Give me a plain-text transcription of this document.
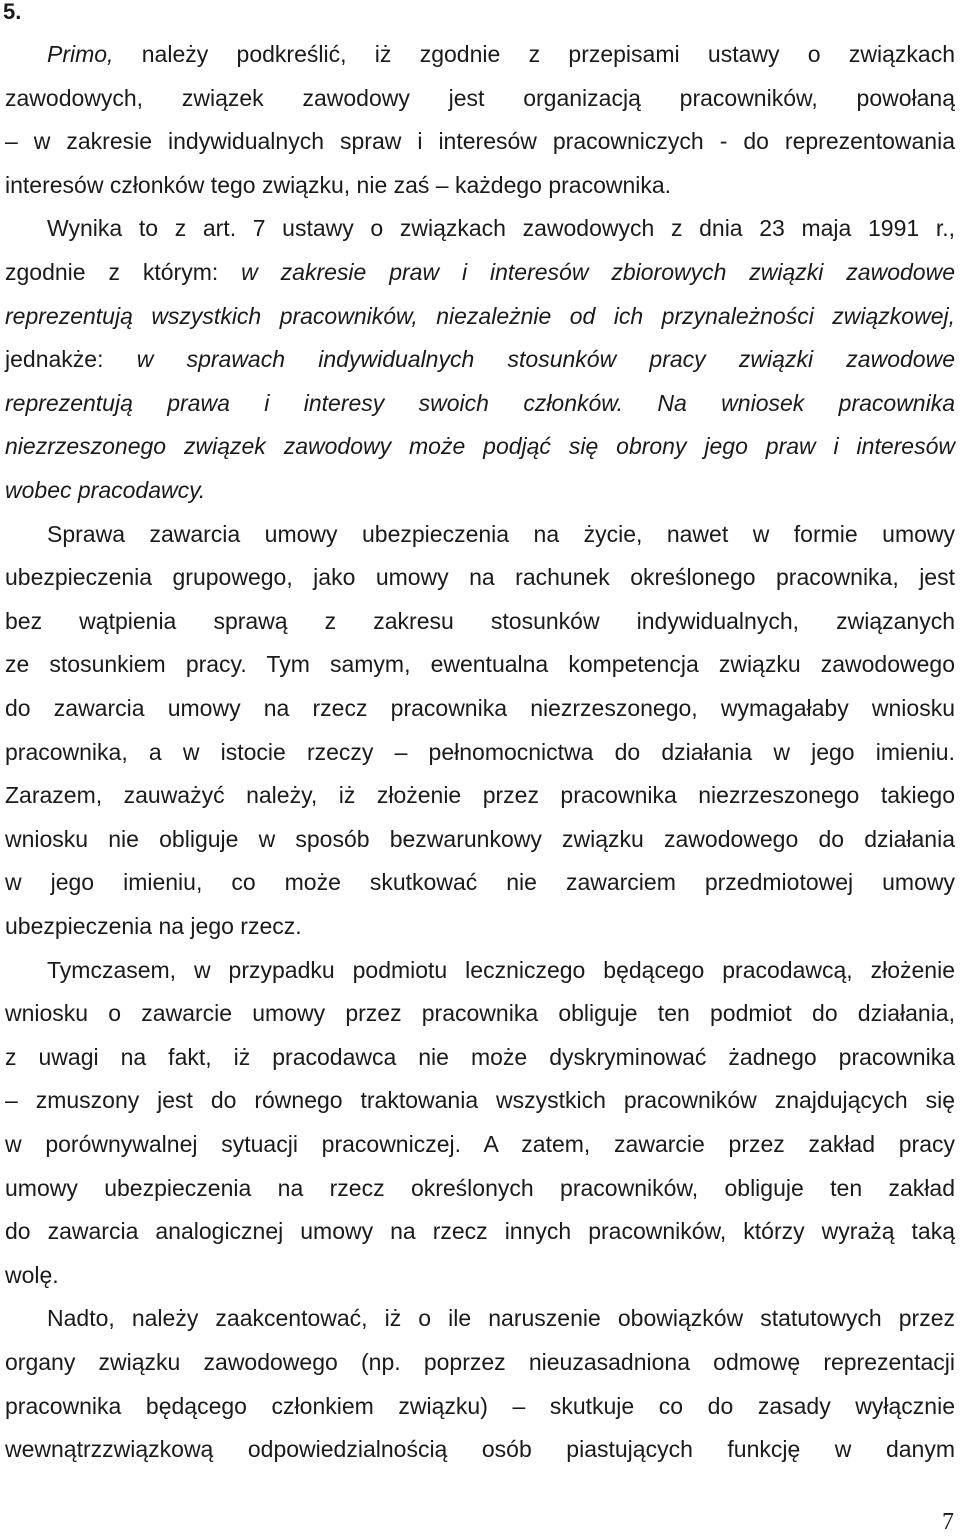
5.
Primo, należy podkreślić, iż zgodnie z przepisami ustawy o związkach
zawodowych, związek zawodowy jest organizacją pracowników, powołaną
– w zakresie indywidualnych spraw i interesów pracowniczych - do reprezentowania
interesów członków tego związku, nie zaś – każdego pracownika.
Wynika to z art. 7 ustawy o związkach zawodowych z dnia 23 maja 1991 r.,
zgodnie z którym: w zakresie praw i interesów zbiorowych związki zawodowe
reprezentują wszystkich pracowników, niezależnie od ich przynależności związkowej,
jednakże: w sprawach indywidualnych stosunków pracy związki zawodowe
reprezentują prawa i interesy swoich członków. Na wniosek pracownika
niezrzeszonego związek zawodowy może podjąć się obrony jego praw i interesów
wobec pracodawcy.
Sprawa zawarcia umowy ubezpieczenia na życie, nawet w formie umowy
ubezpieczenia grupowego, jako umowy na rachunek określonego pracownika, jest
bez wątpienia sprawą z zakresu stosunków indywidualnych, związanych
ze stosunkiem pracy. Tym samym, ewentualna kompetencja związku zawodowego
do zawarcia umowy na rzecz pracownika niezrzeszonego, wymagałaby wniosku
pracownika, a w istocie rzeczy – pełnomocnictwa do działania w jego imieniu.
Zarazem, zauważyć należy, iż złożenie przez pracownika niezrzeszonego takiego
wniosku nie obliguje w sposób bezwarunkowy związku zawodowego do działania
w jego imieniu, co może skutkować nie zawarciem przedmiotowej umowy
ubezpieczenia na jego rzecz.
Tymczasem, w przypadku podmiotu leczniczego będącego pracodawcą, złożenie
wniosku o zawarcie umowy przez pracownika obliguje ten podmiot do działania,
z uwagi na fakt, iż pracodawca nie może dyskryminować żadnego pracownika
– zmuszony jest do równego traktowania wszystkich pracowników znajdujących się
w porównywalnej sytuacji pracowniczej. A zatem, zawarcie przez zakład pracy
umowy ubezpieczenia na rzecz określonych pracowników, obliguje ten zakład
do zawarcia analogicznej umowy na rzecz innych pracowników, którzy wyrażą taką
wolę.
Nadto, należy zaakcentować, iż o ile naruszenie obowiązków statutowych przez
organy związku zawodowego (np. poprzez nieuzasadniona odmowę reprezentacji
pracownika będącego członkiem związku) – skutkuje co do zasady wyłącznie
wewnątrzzwiązkową odpowiedzialnością osób piastujących funkcję w danym
7
